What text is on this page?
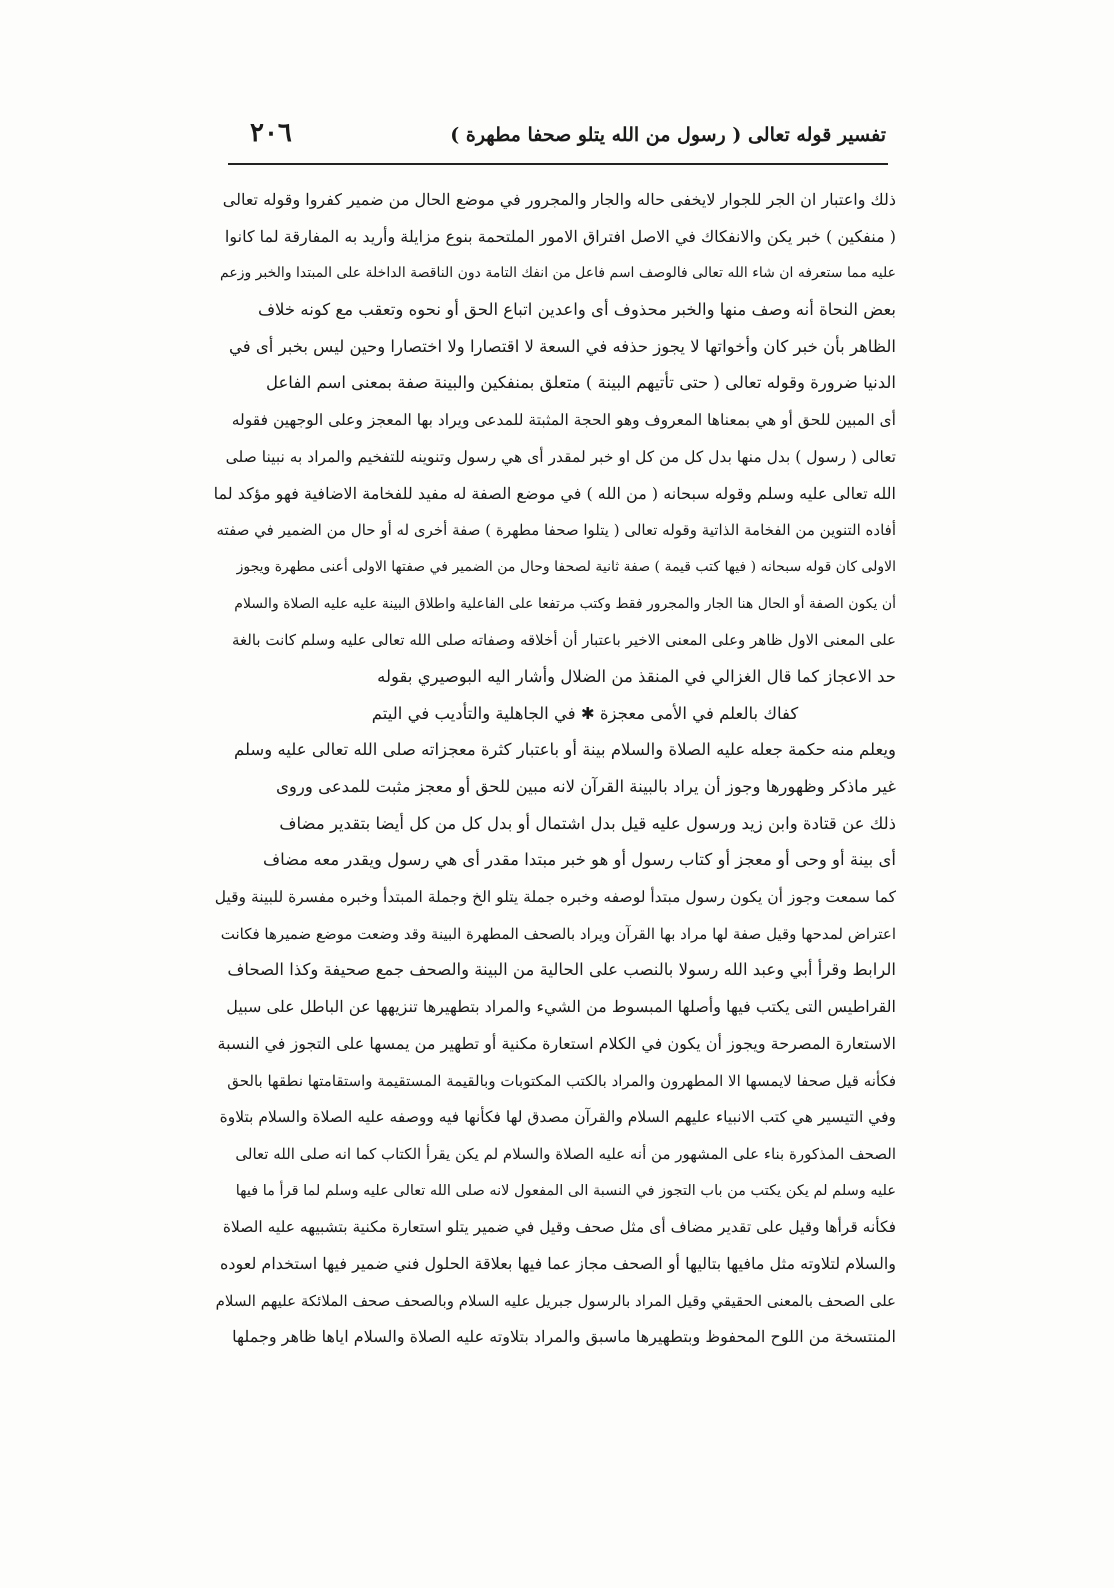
تفسير قوله تعالى ( رسول من الله يتلو صحفا مطهرة )
٢٠٦
ذلك واعتبار ان الجر للجوار لايخفى حاله والجار والمجرور في موضع الحال من ضمير كفروا وقوله تعالى
( منفكين ) خبر يكن والانفكاك في الاصل افتراق الامور الملتحمة بنوع مزايلة وأريد به المفارقة لما كانوا
عليه مما ستعرفه ان شاء الله تعالى فالوصف اسم فاعل من انفك التامة دون الناقصة الداخلة على المبتدا والخبر وزعم
بعض النحاة أنه وصف منها والخبر محذوف أى واعدين اتباع الحق أو نحوه وتعقب مع كونه خلاف
الظاهر بأن خبر كان وأخواتها لا يجوز حذفه في السعة لا اقتصارا ولا اختصارا وحين ليس بخبر أى في
الدنيا ضرورة وقوله تعالى ( حتى تأتيهم البينة ) متعلق بمنفكين والبينة صفة بمعنى اسم الفاعل
أى المبين للحق أو هي بمعناها المعروف وهو الحجة المثبتة للمدعى ويراد بها المعجز وعلى الوجهين فقوله
تعالى ( رسول ) بدل منها بدل كل من كل او خبر لمقدر أى هي رسول وتنوينه للتفخيم والمراد به نبينا صلى
الله تعالى عليه وسلم وقوله سبحانه ( من الله ) في موضع الصفة له مفيد للفخامة الاضافية فهو مؤكد لما
أفاده التنوين من الفخامة الذاتية وقوله تعالى ( يتلوا صحفا مطهرة ) صفة أخرى له أو حال من الضمير في صفته
الاولى كان قوله سبحانه ( فيها كتب قيمة ) صفة ثانية لصحفا وحال من الضمير في صفتها الاولى أعنى مطهرة ويجوز
أن يكون الصفة أو الحال هنا الجار والمجرور فقط وكتب مرتفعا على الفاعلية واطلاق البينة عليه عليه الصلاة والسلام
على المعنى الاول ظاهر وعلى المعنى الاخير باعتبار أن أخلاقه وصفاته صلى الله تعالى عليه وسلم كانت بالغة
حد الاعجاز كما قال الغزالي في المنقذ من الضلال وأشار اليه البوصيري بقوله
كفاك بالعلم في الأمى معجزة ✱ في الجاهلية والتأديب في اليتم
ويعلم منه حكمة جعله عليه الصلاة والسلام بينة أو باعتبار كثرة معجزاته صلى الله تعالى عليه وسلم
غير ماذكر وظهورها وجوز أن يراد بالبينة القرآن لانه مبين للحق أو معجز مثبت للمدعى وروى
ذلك عن قتادة وابن زيد ورسول عليه قيل بدل اشتمال أو بدل كل من كل أيضا بتقدير مضاف
أى بينة أو وحى أو معجز أو كتاب رسول أو هو خبر مبتدا مقدر أى هي رسول ويقدر معه مضاف
كما سمعت وجوز أن يكون رسول مبتدأ لوصفه وخبره جملة يتلو الخ وجملة المبتدأ وخبره مفسرة للبينة وقيل
اعتراض لمدحها وقيل صفة لها مراد بها القرآن ويراد بالصحف المطهرة البينة وقد وضعت موضع ضميرها فكانت
الرابط وقرأ أبي وعبد الله رسولا بالنصب على الحالية من البينة والصحف جمع صحيفة وكذا الصحاف
القراطيس التى يكتب فيها وأصلها المبسوط من الشيء والمراد بتطهيرها تنزيهها عن الباطل على سبيل
الاستعارة المصرحة ويجوز أن يكون في الكلام استعارة مكنية أو تطهير من يمسها على التجوز في النسبة
فكأنه قيل صحفا لايمسها الا المطهرون والمراد بالكتب المكتوبات وبالقيمة المستقيمة واستقامتها نطقها بالحق
وفي التيسير هي كتب الانبياء عليهم السلام والقرآن مصدق لها فكأنها فيه ووصفه عليه الصلاة والسلام بتلاوة
الصحف المذكورة بناء على المشهور من أنه عليه الصلاة والسلام لم يكن يقرأ الكتاب كما انه صلى الله تعالى
عليه وسلم لم يكن يكتب من باب التجوز في النسبة الى المفعول لانه صلى الله تعالى عليه وسلم لما قرأ ما فيها
فكأنه قرأها وقيل على تقدير مضاف أى مثل صحف وقيل في ضمير يتلو استعارة مكنية بتشبيهه عليه الصلاة
والسلام لتلاوته مثل مافيها بتاليها أو الصحف مجاز عما فيها بعلاقة الحلول فني ضمير فيها استخدام لعوده
على الصحف بالمعنى الحقيقي وقيل المراد بالرسول جبريل عليه السلام وبالصحف صحف الملائكة عليهم السلام
المنتسخة من اللوح المحفوظ وبتطهيرها ماسبق والمراد بتلاوته عليه الصلاة والسلام اياها ظاهر وجملها
